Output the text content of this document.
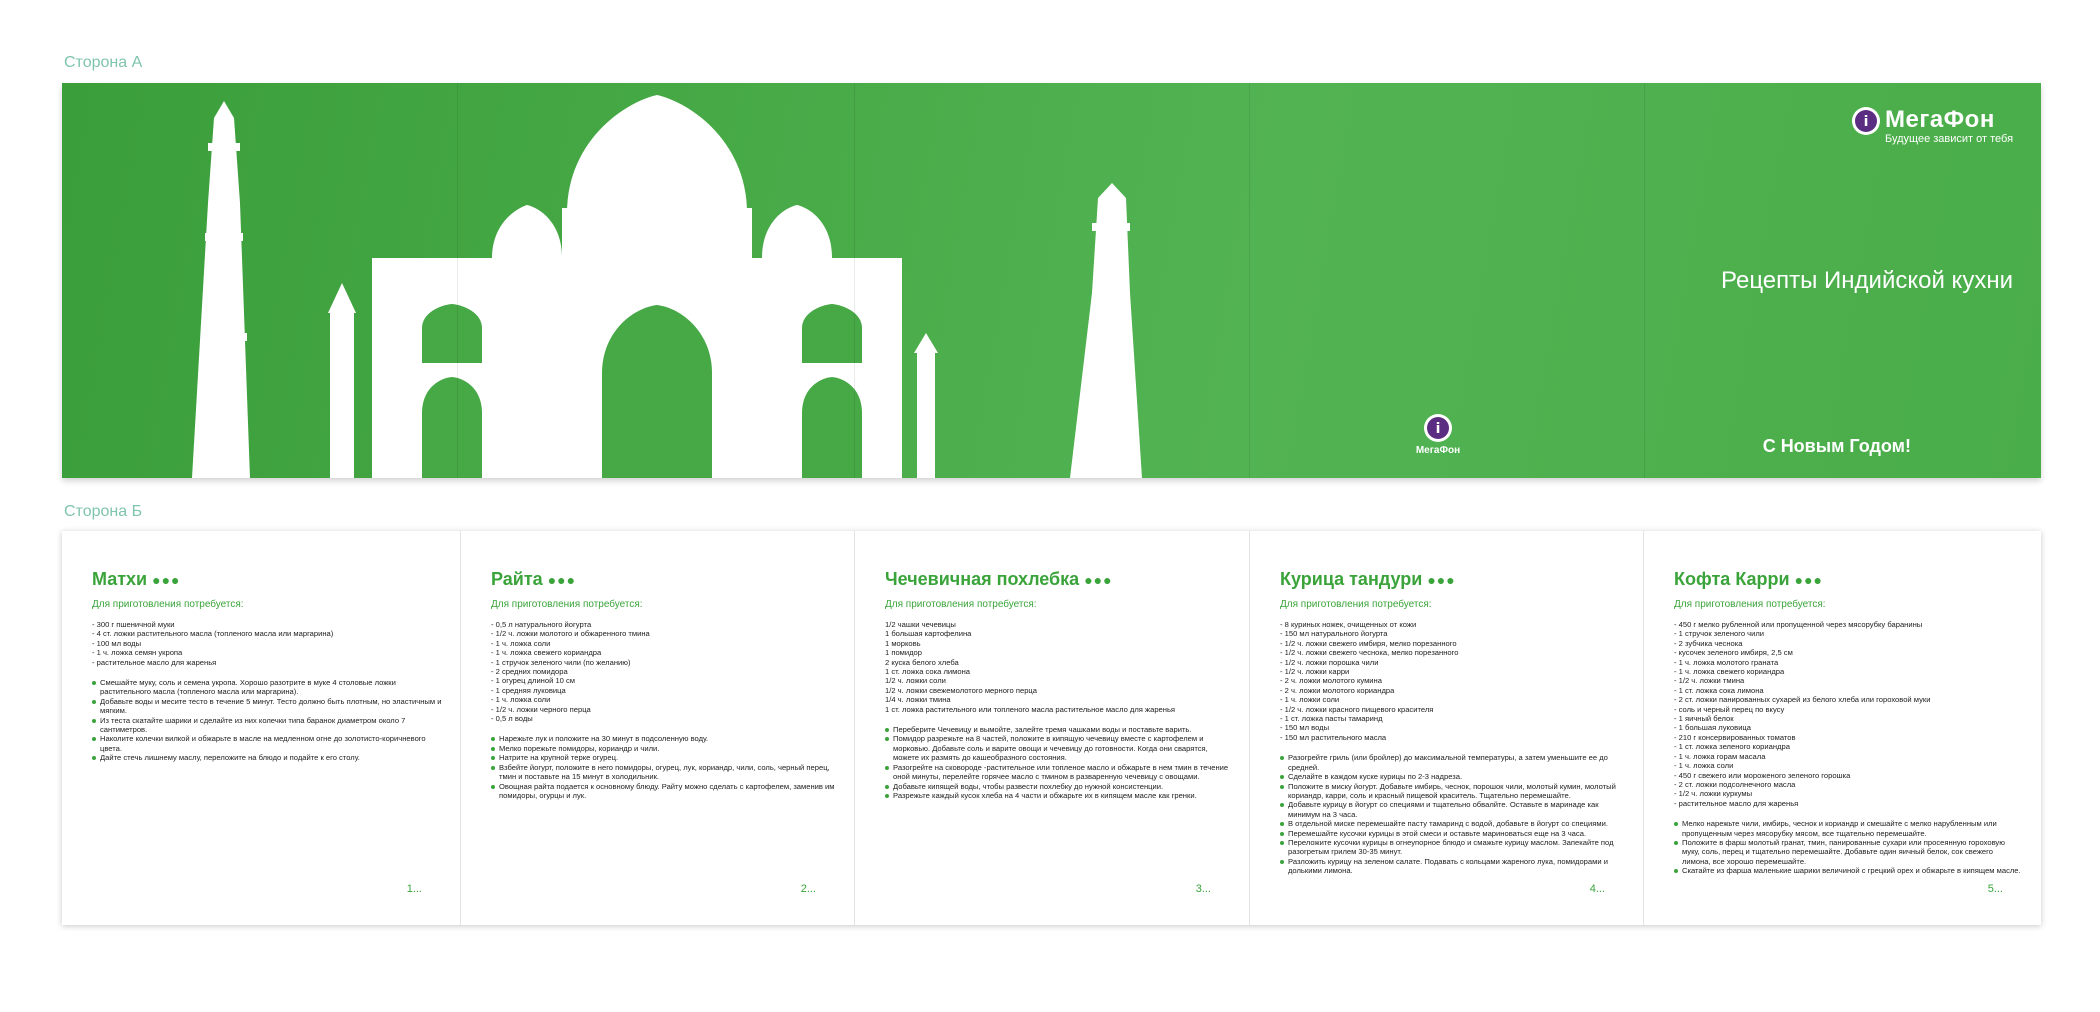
Сторона А
i МегаФон
Будущее зависит от тебя
Рецепты Индийской кухни
С Новым Годом!
i
МегаФон
Сторона Б
Матхи ●●●
Для приготовления потребуется:
- 300 г пшеничной муки
- 4 ст. ложки растительного масла (топленого масла или маргарина)
- 100 мл воды
- 1 ч. ложка семян укропа
- растительное масло для жаренья
Смешайте муку, соль и семена укропа. Хорошо разотрите в муке 4 столовые ложки растительного масла (топленого масла или маргарина).
Добавьте воды и месите тесто в течение 5 минут. Тесто должно быть плотным, но эластичным и мягким.
Из теста скатайте шарики и сделайте из них колечки типа баранок диаметром около 7 сантиметров.
Наколите колечки вилкой и обжарьте в масле на медленном огне до золотисто-коричневого цвета.
Дайте стечь лишнему маслу, переложите на блюдо и подайте к его столу.
1...
Райта ●●●
Для приготовления потребуется:
- 0,5 л натурального йогурта
- 1/2 ч. ложки молотого и обжаренного тмина
- 1 ч. ложка соли
- 1 ч. ложка свежего кориандра
- 1 стручок зеленого чили (по желанию)
- 2 средних помидора
- 1 огурец длиной 10 см
- 1 средняя луковица
- 1 ч. ложка соли
- 1/2 ч. ложки черного перца
- 0,5 л воды
Нарежьте лук и положите на 30 минут в подсоленную воду.
Мелко порежьте помидоры, кориандр и чили.
Натрите на крупной терке огурец.
Взбейте йогурт, положите в него помидоры, огурец, лук, кориандр, чили, соль, черный перец, тмин и поставьте на 15 минут в холодильник.
Овощная райта подается к основному блюду. Райту можно сделать с картофелем, заменив им помидоры, огурцы и лук.
2...
Чечевичная похлебка ●●●
Для приготовления потребуется:
1/2 чашки чечевицы
1 большая картофелина
1 морковь
1 помидор
2 куска белого хлеба
1 ст. ложка сока лимона
1/2 ч. ложки соли
1/2 ч. ложки свежемолотого мерного перца
1/4 ч. ложки тмина
1 ст. ложка растительного или топленого масла растительное масло для жаренья
Переберите Чечевицу и вымойте, залейте тремя чашками воды и поставьте варить.
Помидор разрежьте на 8 частей, положите в кипящую чечевицу вместе с картофелем и морковью. Добавьте соль и варите овощи и чечевицу до готовности. Когда они сварятся, можете их размять до кашеобразного состояния.
Разогрейте на сковороде -растительное или топленое масло и обжарьте в нем тмин в течение оной минуты, перелейте горячее масло с тмином в разваренную чечевицу с овощами.
Добавьте кипящей воды, чтобы развести похлебку до нужной консистенции.
Разрежьте каждый кусок хлеба на 4 части и обжарьте их в кипящем масле как гренки.
3...
Курица тандури ●●●
Для приготовления потребуется:
- 8 куриных ножек, очищенных от кожи
- 150 мл натурального йогурта
- 1/2 ч. ложки свежего имбиря, мелко порезанного
- 1/2 ч. ложки свежего чеснока, мелко порезанного
- 1/2 ч. ложки порошка чили
- 1/2 ч. ложки карри
- 2 ч. ложки молотого кумина
- 2 ч. ложки молотого кориандра
- 1 ч. ложки соли
- 1/2 ч. ложки красного пищевого красителя
- 1 ст. ложка пасты тамаринд
- 150 мл воды
- 150 мл растительного масла
Разогрейте гриль (или бройлер) до максимальной температуры, а затем уменьшите ее до средней.
Сделайте в каждом куске курицы по 2-3 надреза.
Положите в миску йогурт. Добавьте имбирь, чеснок, порошок чили, молотый кумин, молотый кориандр, карри, соль и красный пищевой краситель. Тщательно перемешайте.
Добавьте курицу в йогурт со специями и тщательно обвалйте. Оставьте в маринаде как минимум на 3 часа.
В отдельной миске перемешайте пасту тамаринд с водой, добавьте в йогурт со специями.
Перемешайте кусочки курицы в этой смеси и оставьте мариноваться еще на 3 часа.
Переложите кусочки курицы в огнеупорное блюдо и смажьте курицу маслом. Запекайте под разогретым грилем 30-35 минут.
Разложить курицу на зеленом салате. Подавать с кольцами жареного лука, помидорами и долькими лимона.
4...
Кофта Карри ●●●
Для приготовления потребуется:
- 450 г мелко рубленной или пропущенной через мясорубку баранины
- 1 стручок зеленого чили
- 2 зубчика чеснока
- кусочек зеленого имбиря, 2,5 см
- 1 ч. ложка молотого граната
- 1 ч. ложка свежего кориандра
- 1/2 ч. ложки тмина
- 1 ст. ложка сока лимона
- 2 ст. ложки панированных сухарей из белого хлеба или гороховой муки
- соль и черный перец по вкусу
- 1 яичный белок
- 1 большая луковица
- 210 г консервированных томатов
- 1 ст. ложка зеленого кориандра
- 1 ч. ложка горам масала
- 1 ч. ложка соли
- 450 г свежего или мороженого зеленого горошка
- 2 ст. ложки подсолнечного масла
- 1/2 ч. ложки куркумы
- растительное масло для жаренья
Мелко нарежьте чили, имбирь, чеснок и кориандр и смешайте с мелко нарубленным или пропущенным через мясорубку мясом, все тщательно перемешайте.
Положите в фарш молотый гранат, тмин, панированные сухари или просеянную гороховую муку, соль, перец и тщательно перемешайте. Добавьте один яичный белок, сок свежего лимона, все хорошо перемешайте.
Скатайте из фарша маленькие шарики величиной с грецкий орех и обжарьте в кипящем масле.
5...
